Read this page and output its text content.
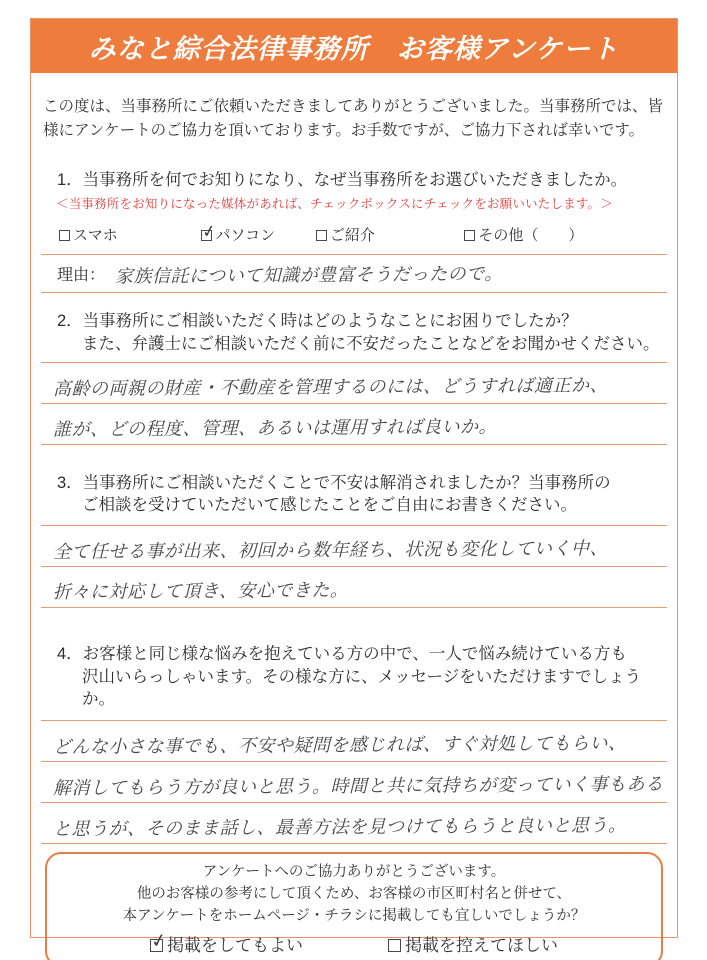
みなと綜合法律事務所　お客様アンケート

この度は、当事務所にご依頼いただきましてありがとうございました。当事務所では、皆様にアンケートのご協力を頂いております。お手数ですが、ご協力下されば幸いです。

1．当事務所を何でお知りになり、なぜ当事務所をお選びいただきましたか。
＜当事務所をお知りになった媒体があれば、チェックボックスにチェックをお願いいたします。＞
スマホ	✓
パソコン	ご紹介	その他（　　）
理由： 家族信託について知識が豊富そうだったので。
2．当事務所にご相談いただく時はどのようなことにお困りでしたか？
また、弁護士にご相談いただく前に不安だったことなどをお聞かせください。
高齢の両親の財産・不動産を管理するのには、どうすれば適正か、
誰が、どの程度、管理、あるいは運用すれば良いか。
3．当事務所にご相談いただくことで不安は解消されましたか？当事務所の
ご相談を受けていただいて感じたことをご自由にお書きください。
全て任せる事が出来、初回から数年経ち、状況も変化していく中、
折々に対応して頂き、安心できた。
4．お客様と同じ様な悩みを抱えている方の中で、一人で悩み続けている方も
沢山いらっしゃいます。その様な方に、メッセージをいただけますでしょうか。
どんな小さな事でも、不安や疑問を感じれば、すぐ対処してもらい、
解消してもらう方が良いと思う。時間と共に気持ちが変っていく事もある
と思うが、そのまま話し、最善方法を見つけてもらうと良いと思う。
アンケートへのご協力ありがとうございます。
他のお客様の参考にして頂くため、お客様の市区町村名と併せて、
本アンケートをホームページ・チラシに掲載しても宜しいでしょうか？
✓
掲載をしてもよい	掲載を控えてほしい
